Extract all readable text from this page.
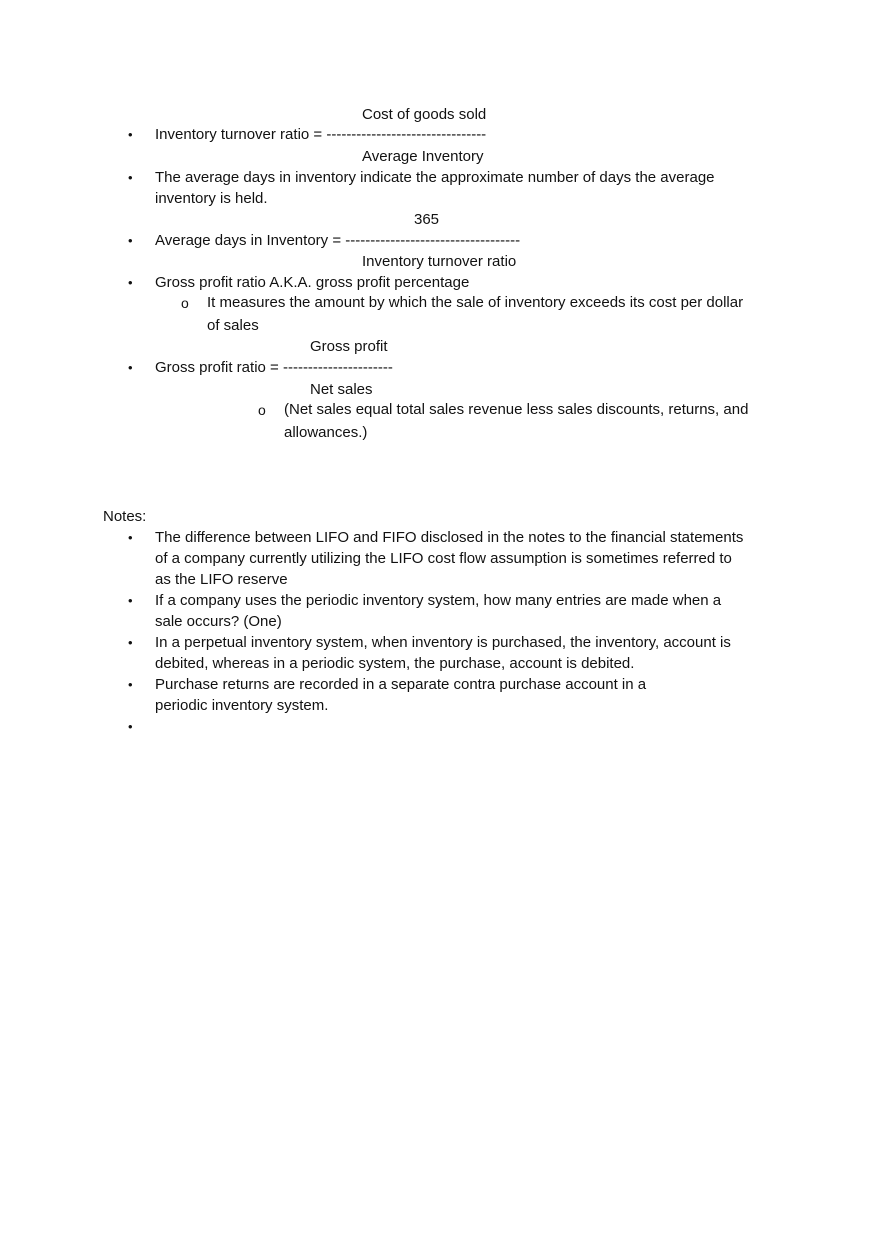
Cost of goods sold
• Inventory turnover ratio = --------------------------------
Average Inventory
• The average days in inventory indicate the approximate number of days the average
inventory is held.
365
• Average days in Inventory = -----------------------------------
Inventory turnover ratio
• Gross profit ratio A.K.A. gross profit percentage
o It measures the amount by which the sale of inventory exceeds its cost per dollar
of sales
Gross profit
• Gross profit ratio = ----------------------
Net sales
o (Net sales equal total sales revenue less sales discounts, returns, and
allowances.)
Notes:
• The difference between LIFO and FIFO disclosed in the notes to the financial statements
of a company currently utilizing the LIFO cost flow assumption is sometimes referred to
as the LIFO reserve
• If a company uses the periodic inventory system, how many entries are made when a
sale occurs? (One)
• In a perpetual inventory system, when inventory is purchased, the inventory, account is
debited, whereas in a periodic system, the purchase, account is debited.
• Purchase returns are recorded in a separate contra purchase account in a
periodic inventory system.
•
